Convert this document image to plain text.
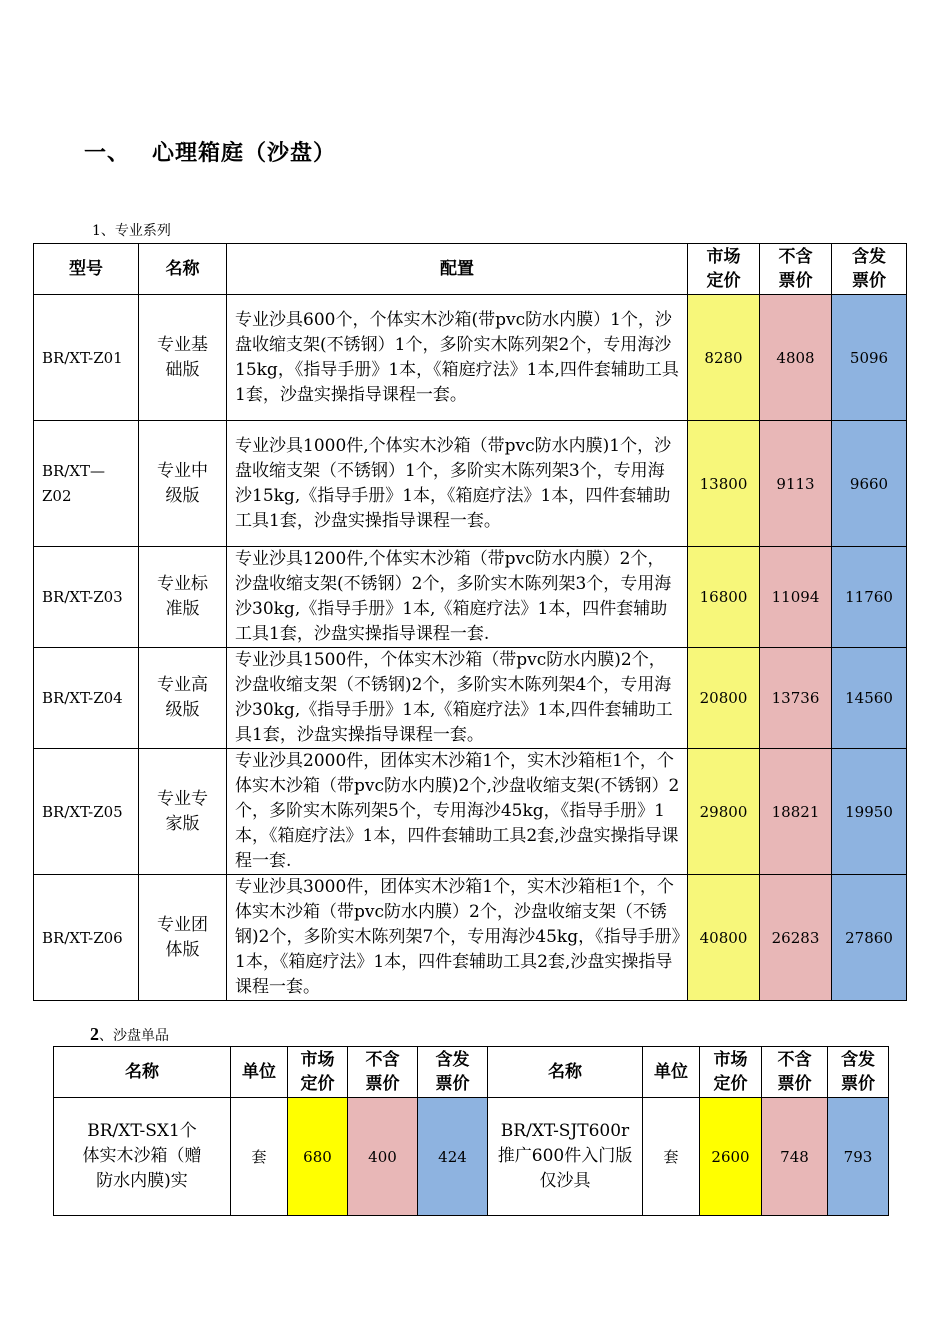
一、 心理箱庭（沙盘）
1、专业系列
型号	名称	配置	市场定价	不含票价	含发票价

BR/XT-Z01	专业基础版	专业沙具600个，个体实木沙箱(带pvc防水内膜）1个，沙盘收缩支架(不锈钢）1个，多阶实木陈列架2个，专用海沙15kg，《指导手册》1本，《箱庭疗法》1本,四件套辅助工具1套，沙盘实操指导课程一套。	8280	4808	5096

BR/XT—Z02	专业中级版	专业沙具1000件,个体实木沙箱（带pvc防水内膜)1个，沙盘收缩支架（不锈钢）1个，多阶实木陈列架3个，专用海沙15kg,《指导手册》1本，《箱庭疗法》1本，四件套辅助工具1套，沙盘实操指导课程一套。	13800	9113	9660
BR/XT-Z03	专业标准版	专业沙具1200件,个体实木沙箱（带pvc防水内膜）2个，沙盘收缩支架(不锈钢）2个，多阶实木陈列架3个，专用海沙30kg,《指导手册》1本,《箱庭疗法》1本，四件套辅助工具1套，沙盘实操指导课程一套.	16800	11094	11760
BR/XT-Z04	专业高级版	专业沙具1500件，个体实木沙箱（带pvc防水内膜)2个，沙盘收缩支架（不锈钢)2个，多阶实木陈列架4个，专用海沙30kg,《指导手册》1本,《箱庭疗法》1本,四件套辅助工具1套，沙盘实操指导课程一套。	20800	13736	14560
BR/XT-Z05	专业专家版	专业沙具2000件，团体实木沙箱1个，实木沙箱柜1个，个体实木沙箱（带pvc防水内膜)2个,沙盘收缩支架(不锈钢）2个，多阶实木陈列架5个，专用海沙45kg，《指导手册》1本，《箱庭疗法》1本，四件套辅助工具2套,沙盘实操指导课程一套.	29800	18821	19950
BR/XT-Z06	专业团体版	专业沙具3000件，团体实木沙箱1个，实木沙箱柜1个，个体实木沙箱（带pvc防水内膜）2个，沙盘收缩支架（不锈钢)2个，多阶实木陈列架7个，专用海沙45kg，《指导手册》1本，《箱庭疗法》1本，四件套辅助工具2套,沙盘实操指导课程一套。	40800	26283	27860
2、沙盘单品
名称	单位	市场定价	不含票价	含发票价	名称	单位	市场定价	不含票价	含发票价

BR/XT-SX1个体实木沙箱（赠防水内膜)实	套	680	400	424	BR/XT-SJT600r推广600件入门版仅沙具	套	2600	748	793
